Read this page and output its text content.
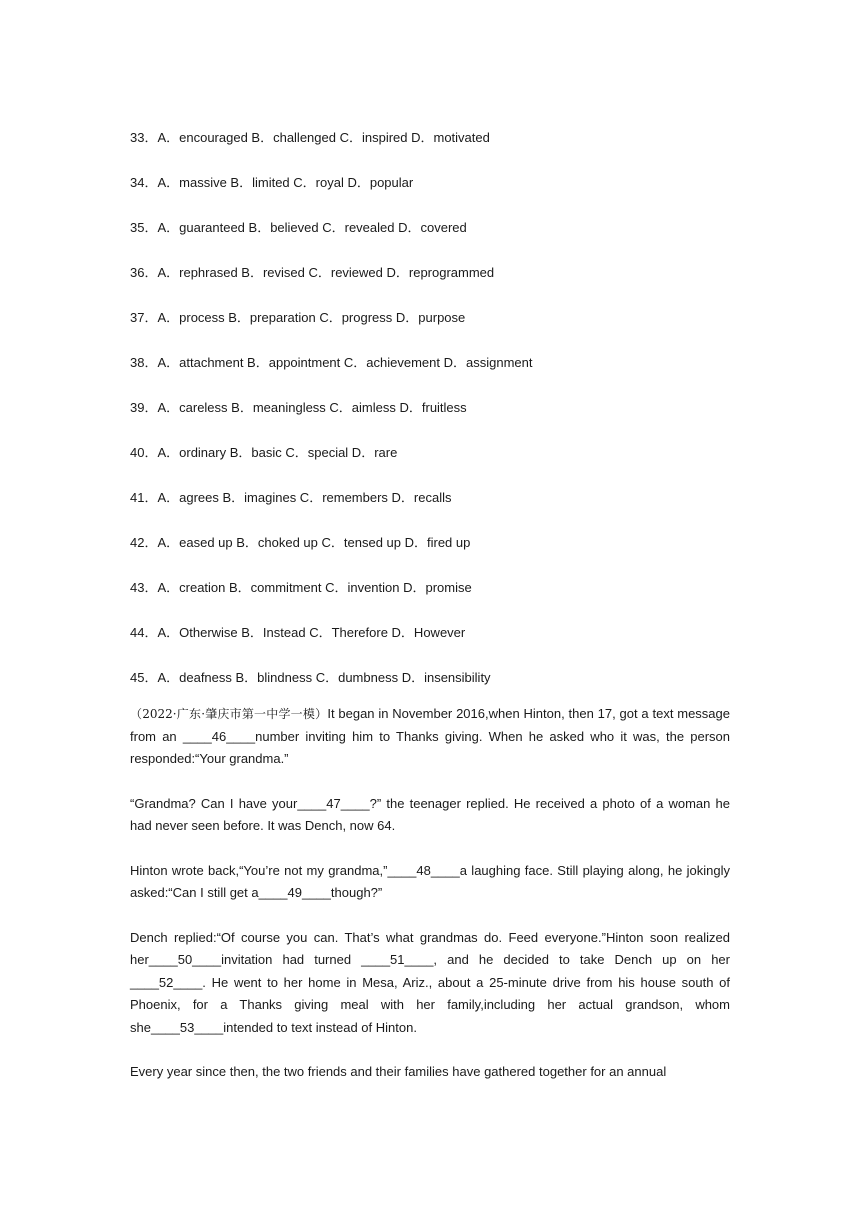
33．A．encouraged B．challenged C．inspired D．motivated
34．A．massive B．limited C．royal D．popular
35．A．guaranteed B．believed C．revealed D．covered
36．A．rephrased B．revised C．reviewed D．reprogrammed
37．A．process B．preparation C．progress D．purpose
38．A．attachment B．appointment C．achievement D．assignment
39．A．careless B．meaningless C．aimless D．fruitless
40．A．ordinary B．basic C．special D．rare
41．A．agrees B．imagines C．remembers D．recalls
42．A．eased up B．choked up C．tensed up D．fired up
43．A．creation B．commitment C．invention D．promise
44．A．Otherwise B．Instead C．Therefore D．However
45．A．deafness B．blindness C．dumbness D．insensibility

（2022·广东·肇庆市第一中学一模）It began in November 2016,when Hinton, then 17, got a text message from an ____46____number inviting him to Thanks giving. When he asked who it was, the person responded:“Your grandma.”

“Grandma? Can I have your____47____?” the teenager replied. He received a photo of a woman he had never seen before. It was Dench, now 64.

Hinton wrote back,“You’re not my grandma,”____48____a laughing face. Still playing along, he jokingly asked:“Can I still get a____49____though?”

Dench replied:“Of course you can. That’s what grandmas do. Feed everyone.”Hinton soon realized her____50____invitation had turned ____51____, and he decided to take Dench up on her ____52____. He went to her home in Mesa, Ariz., about a 25-minute drive from his house south of Phoenix, for a Thanks giving meal with her family,including her actual grandson, whom she____53____intended to text instead of Hinton.

Every year since then, the two friends and their families have gathered together for an annual
